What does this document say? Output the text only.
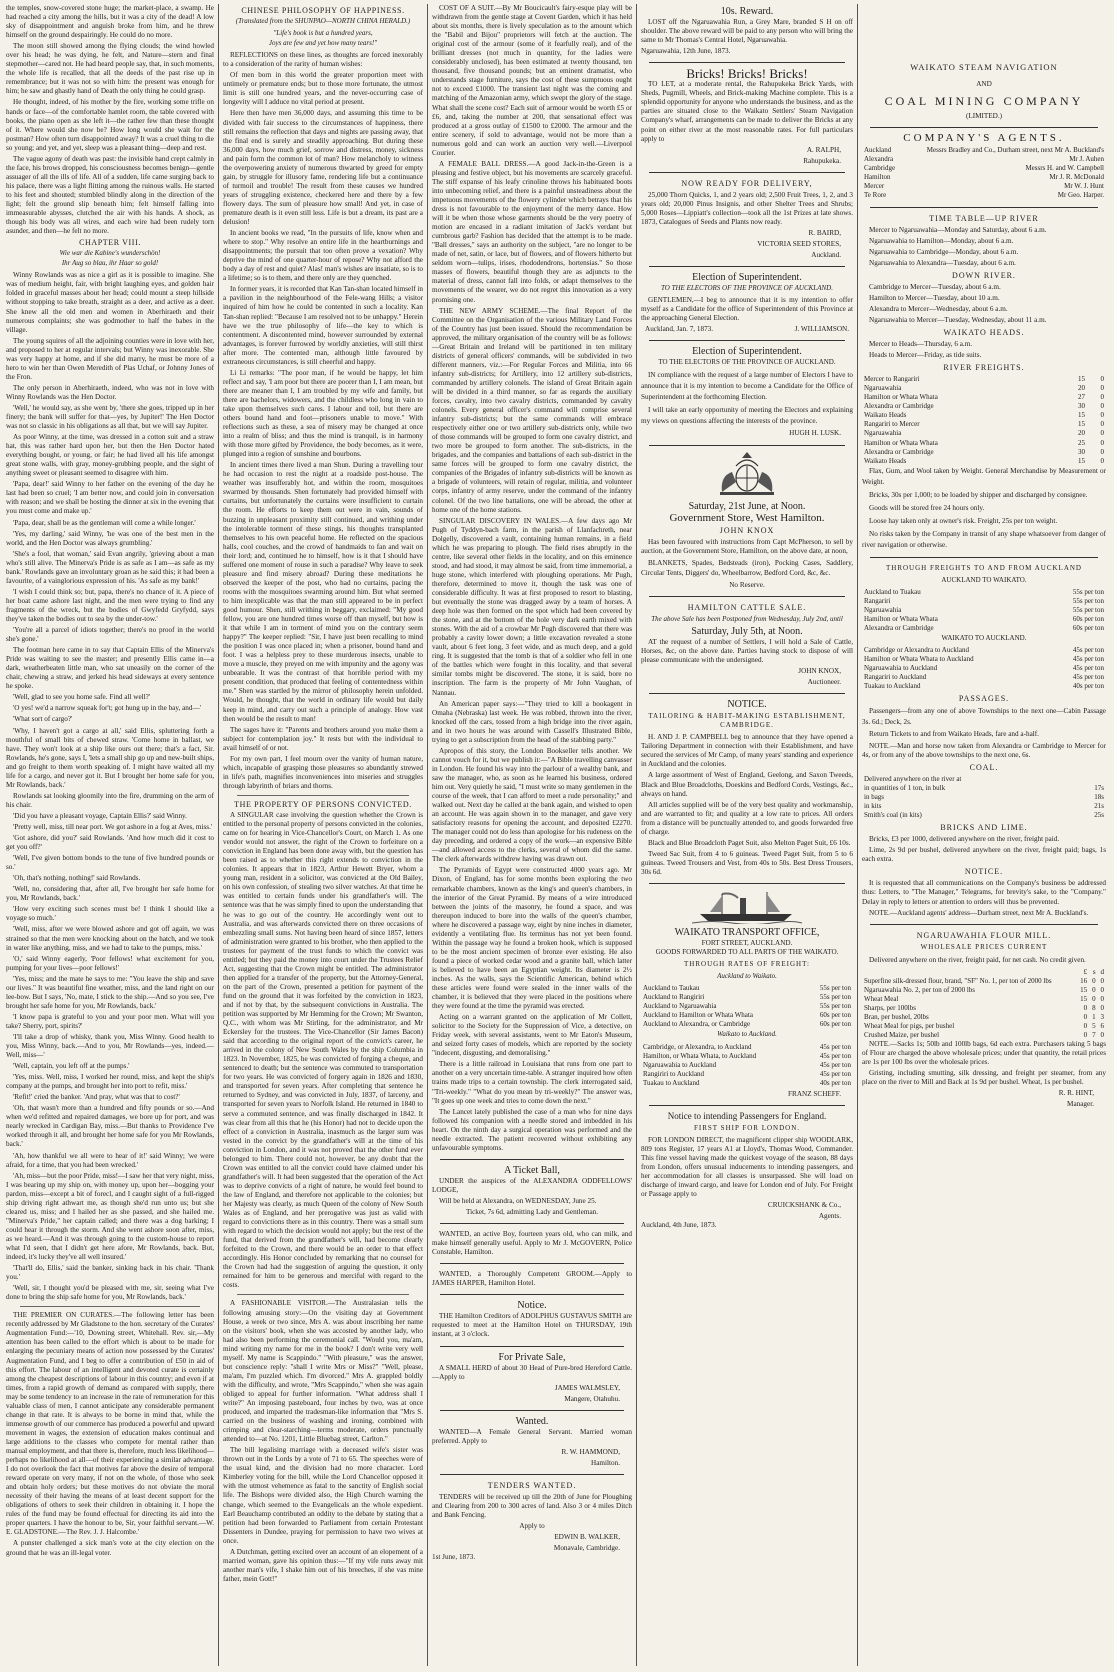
the temples, snow-covered stone huge; the market-place, a swamp. He had reached a city among the hills, but it was a city of the dead! A low sky of disappointment and anguish broke from him, and he threw himself on the ground despairingly. He could do no more.

The moon still showed among the flying clouds; the wind howled over his head; he was dying, he felt, and Nature—stern and final stepmother—cared not. He had heard people say, that, in such moments, the whole life is recalled, that all the deeds of the past rise up in remembrance; but it was not so with him: the present was enough for him; he saw and ghastly hand of Death the only thing he could grasp.

He thought, indeed, of his mother by the fire, working some trifle on hands or face—of the comfortable hamlet room, the table covered with books, the piano open as she left it—the rather few than these thought of it. Where would she now be? How long would she wait for the postman? How often turn disappointed away? It was a cruel thing to die so young; and yet, and yet, sleep was a pleasant thing—deep and rest.

The vague agony of death was past: the invisible hand crept calmly in the face, his brows dropped, his consciousness becomes benign—gentle assuager of all the ills of life. All of a sudden, life came surging back to his palace, there was a light flitting among the ruinous walls. He started to his feet and shouted; stumbled blindly along in the direction of the light; felt the ground slip beneath him; felt himself falling into immeasurable abysses, clutched the air with his hands. A shock, as though his body was all wires, and each wire had been rudely torn asunder, and then—he felt no more.

CHAPTER VIII.
Wie war die Kabine's wunderschön!
Ihr Aug so blau, ihr Haar so gold!

Winny Rowlands was as nice a girl as it is possible to imagine. She was of medium height, fair, with bright laughing eyes, and golden hair folded in graceful masses about her head; could mount a steep hillside without stopping to take breath, straight as a deer, and active as a deer. She knew all the old men and women in Aberhiraeth and their numerous complaints; she was godmother to half the babes in the village.

The young squires of all the adjoining counties were in love with her, and proposed to her at regular intervals; but Winny was inexorable. She was very happy at home, and if she did marry, he must be more of a hero to win her than Owen Meredith of Plas Uchaf, or Johnny Jones of the Fron.

The only person in Aberhiraeth, indeed, who was not in love with Winny Rowlands was the Hen Doctor.

'Well,' he would say, as she went by, 'there she goes, tripped up in her finery; the bank will suffer for that—yes, by Jupiter!' The Hen Doctor was not so classic in his obligations as all that, but we will say Jupiter.

As poor Winny, at the time, was dressed in a cotton suit and a straw hat, this was rather hard upon her, but then the Hen Doctor hated everything bought, or young, or fair; he had lived all his life amongst great stone walls, with gray, money-grubbing people, and the sight of anything sweet or pleasant seemed to disagree with him.

'Papa, dear!' said Winny to her father on the evening of the day he last had been so cruel; 'I am better now, and could join in conversation with reason; and we shall be hosting the dinner at six in the evening that you must come and make up.'

'Papa, dear, shall be as the gentleman will come a while longer.'

'Yes, my darling,' said Winny, 'he was one of the best men in the world, and the Hen Doctor was always grumbling.'

'She's a fool, that woman,' said Evan angrily, 'grieving about a man who's still alive. The Minerva's Pride is as safe as I am—as safe as my bank.' Rowlands gave an involuntary groan as he said this; it had been a favourite, of a vainglorious expression of his. 'As safe as my bank!'

'I wish I could think so; but, papa, there's no chance of it. A piece of her boat came ashore last night, and the men were trying to find any fragments of the wreck, but the bodies of Gwyfedd Gryfydd, says they've taken the bodies out to sea by the under-tow.'

'You're all a parcel of idiots together; there's no proof in the world she's gone.'

The footman here came in to say that Captain Ellis of the Minerva's Pride was waiting to see the master; and presently Ellis came in—a dark, weatherbeaten little man, who sat uneasily on the corner of the chair, chewing a straw, and jerked his head sideways at every sentence he spoke.

'Well, glad to see you home safe. Find all well?'

'O yes! we'd a narrow squeak for't; got hung up in the bay, and—'

'What sort of cargo?'

'Why, I haven't got a cargo at all,' said Ellis, spluttering forth a mouthful of small bits of chewed straw. 'Come home in ballast, we have. They won't look at a ship like ours out there; that's a fact, Sir. Rowlands, he's gone, says I, 'lets a small ship go up and new-built ships, and go freight to them worth speaking of. I might have waited all my life for a cargo, and never got it. But I brought her home safe for you, Mr Rowlands, back.'

Rowlands sat looking gloomily into the fire, drumming on the arm of his chair.

'Did you have a pleasant voyage, Captain Ellis?' said Winny.

'Pretty well, miss, till near port. We got ashore in a fog at Aves, miss.'

'Got ashore, did you?' said Rowlands. 'And how much did it cost to get you off?'

'Well, I've given bottom bonds to the tune of five hundred pounds or so.'

'Oh, that's nothing, nothing!' said Rowlands.

'Well, no, considering that, after all, I've brought her safe home for you, Mr Rowlands, back.'

'How very exciting such scenes must be! I think I should like a voyage so much.'

'Well, miss, after we were blowed ashore and got off again, we was strained so that the men were knocking about on the hatch, and we took in water like anything, miss, and we had to take to the pumps, miss.'

'O,' said Winny eagerly, 'Poor fellows! what excitement for you, pumping for your lives—poor fellows!'

'Yes, miss; and the mate he says to me: "You leave the ship and save our lives." It was beautiful fine weather, miss, and the land right on our lee-bow. But I says, 'No, mate, I stick to the ship.—And so you see, I've brought her safe home for you, Mr Rowlands, back.'

'I know papa is grateful to you and your poor men. What will you take? Sherry, port, spirits?'

'I'll take a drop of whisky, thank you, Miss Winny. Good health to you, Miss Winny, back.—And to you, Mr Rowlands—yes, indeed.—Well, miss—'

'Well, captain, you left off at the pumps.'

'Yes, miss. Well, miss, I worked her round, miss, and kept the ship's company at the pumps, and brought her into port to refit, miss.'

'Refit!' cried the banker. 'And pray, what was that to cost?'

'Oh, that wasn't more than a hundred and fifty pounds or so.—And when we'd refitted and repaired damages, we bore up for port, and was nearly wrecked in Cardigan Bay, miss.—But thanks to Providence I've worked through it all, and brought her home safe for you Mr Rowlands, back.'

'Ah, how thankful we all were to hear of it!' said Winny; 'we were afraid, for a time, that you had been wrecked.'

'Ah, miss—but the poor Pride, miss!—I saw her that very night, miss, I was bearing up my ship on, with money up, upon her—bogging your pardon, miss—except a bit of forecl, and I caught sight of a full-rigged ship driving right athwart me, as though she'd run unto us; but she cleared us, miss; and I hailed her as she passed, and she hailed me. "Minerva's Pride," her captain called; and there was a dog barking; I could hear it through the storm. And she went ashore soon after, miss, as we heard.—And it was through going to the custom-house to report what I'd seen, that I didn't get here afore, Mr Rowlands, back. But, indeed, it's lucky they've all well insured.'

'That'll do, Ellis,' said the banker, sinking back in his chair. 'Thank you.'

'Well, sir, I thought you'd be pleased with me, sir, seeing what I've done to bring the ship safe home for you, Mr Rowlands, back.'

THE PREMIER ON CURATES.—The following letter has been recently addressed by Mr Gladstone to the hon. secretary of the Curates' Augmentation Fund:—'10, Downing street, Whitehall. Rev. sir,—My attention has been called to the effort which is about to be made for enlarging the pecuniary means of action now possessed by the Curates' Augmentation Fund, and I beg to offer a contribution of £50 in aid of this effort. The labour of an intelligent and devoted curate is certainly among the cheapest descriptions of labour in this country; and even if at times, from a rapid growth of demand as compared with supply, there may be some tendency to an increase in the rate of remuneration for this valuable class of men, I cannot anticipate any considerable permanent change in that rate. It is always to be borne in mind that, while the immense growth of our commerce has produced a powerful and upward movement in wages, the extension of education makes continual and large additions to the classes who compete for mental rather than manual employment, and that there is, therefore, much less likelihood—perhaps no likelihood at all—of their experiencing a similar advantage. I do not overlook the fact that motives far above the desire of temporal reward operate on very many, if not on the whole, of those who seek and obtain holy orders; but these motives do not obviate the moral necessity of their having the means of at least decent support for the obligations of others to seek their children in obtaining it. I hope the rules of the fund may be found effectual for directing its aid into the proper quarters. I have the honour to be, Sir, your faithful servant.—W. E. GLADSTONE.—The Rev. J. J. Halcombe.'

A punster challenged a sick man's vote at the city election on the ground that he was an ill-legal voter.

CHINESE PHILOSOPHY OF HAPPINESS.
(Translated from the SHUNPAO—NORTH CHINA HERALD.)
"Life's book is but a hundred years,
Joys are few and yet how many tears!"

REFLECTIONS on these lines, as thoughts are forced inexorably to a consideration of the rarity of human wishes:

Of men born in this world the greater proportion meet with untimely or premature ends; but to those more fortunate, the utmost limit is still one hundred years, and the never-occurring case of longevity will I adduce no vital period at present.

Here then have men 36,000 days, and assuming this time to be divided with fair success to the circumstances of happiness, there still remains the reflection that days and nights are passing away, that the final end is surely and steadily approaching. But during these 36,000 days, how much grief, sorrow and distress, money, sickness and pain form the common lot of man? How melancholy to witness the overpowering anxiety of numerous thwarted by greed for empty gain, by struggle for illusory fame, rendering life but a continuance of turmoil and trouble! The result from these causes we hundred years of struggling existence, checkered here and there by a few flowery days. The sum of pleasure how small! And yet, in case of premature death is it even still less. Life is but a dream, its past are a delusion!

In ancient books we read, "In the pursuits of life, know when and where to stop." Why resolve an entire life in the heartburnings and disappointments; the pursuit that too often prove a vexation? Why deprive the mind of one quarter-hour of repose? Why not afford the body a day of rest and quiet? Alas! man's wishes are insatiate, so is to a lifetime; so is to them, and there only are they quenched.

In former years, it is recorded that Kan Tan-shan located himself in a pavilion in the neighbourhood of the Fele-wang Hills; a visitor inquired of him how he could be contented in such a locality. Kan Tan-shan replied: "Because I am resolved not to be unhappy." Herein have we the true philosophy of life—the key to which is contentment. A discontented mind, however surrounded by external advantages, is forever furrowed by worldly anxieties, will still thirst after more. The contented man, although little favoured by extraneous circumstances, is still cheerful and happy.

Li Li remarks: "The poor man, if he would be happy, let him reflect and say, 'I am poor but there are poorer than I, I am mean, but there are meaner than I, I am troubled by my wife and family, but there are bachelors, widowers, and the childless who long in vain to take upon themselves such cares. I labour and toil, but there are others bound hand and foot—prisoners unable to move." With reflections such as these, a sea of misery may be changed at once into a realm of bliss; and thus the mind is tranquil, is in harmony with those more gifted by Providence, the body becomes, as it were, plunged into a region of sunshine and bourbons.

In ancient times there lived a man Shun. During a travelling tour he had occasion to rest the night at a roadside post-house. The weather was insufferably hot, and within the room, mosquitoes swarmed by thousands. Shen fortunately had provided himself with curtains, but unfortunately the curtains were insufficient to curtain the room. He efforts to keep them out were in vain, sounds of buzzing in unpleasant proximity still continued, and writhing under the intolerable torment of these stings, his thoughts transplanted themselves to his own peaceful home. He reflected on the spacious halls, cool couches, and the crowd of handmaids to fan and wait on their lord; and, continued he to himself, how is it that I should have suffered one moment of rouse in such a paradise? Why leave to seek pleasure and find misery abroad? During these meditations he observed the keeper of the post, who had no curtains, pacing the rooms with the mosquitoes swarming around him. But what seemed to him inexplicable was that the man still appeared to be in perfect good humour. Shen, still writhing in beggary, exclaimed: "My good fellow, you are one hundred times worse off than myself, but how is it that while I am in torment of mind you on the contrary seem happy?" The keeper replied: "Sir, I have just been recalling to mind the position I was once placed in; when a prisoner, bound hand and foot. I was a helpless prey to these murderous insects, unable to move a muscle, they preyed on me with impunity and the agony was unbearable. It was the contrast of that horrible period with my present condition, that produced that feeling of contentedness within me." Shen was startled by the mirror of philosophy herein unfolded. Would, he thought, that the world in ordinary life would but daily keep in mind, and carry out such a principle of analogy. How vast then would be the result to man!

The sages have it: "Parents and brothers around you make them a subject for contemplation joy." It rests but with the individual to avail himself of or not.

For my own part, I feel mourn over the vanity of human nature, which, incapable of grasping those pleasures so abundantly strewed in life's path, magnifies inconveniences into miseries and struggles through labyrinth of briars and thorns.

THE PROPERTY OF PERSONS CONVICTED.

A SINGULAR case involving the question whether the Crown is entitled to the personal property of persons convicted in the colonies, came on for hearing in Vice-Chancellor's Court, on March 1. As one vendor would not answer, the right of the Crown to forfeiture on a conviction in England has been done away with, but the question has been raised as to whether this right extends to conviction in the colonies. It appears that in 1823, Arthur Hewett Bryer, whom a young man, resident in a solicitor, was convicted at the Old Bailey, on his own confession, of stealing two silver watches. At that time he was entitled to certain funds under his grandfather's will. The sentence was that he was simply fined to upon the understanding that he was to go out of the country. He accordingly went out to Australia, and was afterwards convicted there on three occasions of embezzling small sums. Not having been heard of since 1857, letters of administration were granted to his brother, who then applied to the trustees for payment of the trust funds to which the convict was entitled; but they paid the money into court under the Trustees Relief Act, suggesting that the Crown might be entitled. The administrator then applied for a transfer of the property, but the Attorney-General, on the part of the Crown, presented a petition for payment of the fund on the ground that it was forfeited by the conviction in 1823, and if not by that, by the subsequent convictions in Australia. The petition was supported by Mr Hemming for the Crown; Mr Swanton, Q.C., with whom was Mr Stirling, for the administrator, and Mr Eckersley for the trustees. The Vice-Chancellor (Sir James Bacon) said that according to the original report of the convict's career, he arrived in the colony of New South Wales by the ship Columbia in 1823. In November, 1825, he was convicted of forging a cheque, and sentenced to death; but the sentence was commuted to transportation for two years. He was convicted of forgery again in 1826 and 1830, and transported for seven years. After completing that sentence he returned to Sydney, and was convicted in July, 1837, of larceny, and transported for seven years to Norfolk Island. He returned in 1840 to serve a commuted sentence, and was finally discharged in 1842. It was clear from all this that he (his Honor) had not to decide upon the effect of a conviction in Australia, inasmuch as the larger sum was vested in the convict by the grandfather's will at the time of his conviction in London, and it was not proved that the other fund ever belonged to him. There could not, however, be any doubt that the Crown was entitled to all the convict could have claimed under his grandfather's will. It had been suggested that the operation of the Act was to deprive convicts of a right of nature, he would feel bound to the law of England, and therefore not applicable to the colonies; but her Majesty was clearly, as much Queen of the colony of New South Wales as of England, and her prerogative was just as valid with regard to convictions there as in this country. There was a small sum with regard to which the decision would not apply; but the rest of the fund, that derived from the grandfather's will, had become clearly forfeited to the Crown, and there would be an order to that effect accordingly. His Honor concluded by remarking that no counsel for the Crown had had the suggestion of arguing the question, it only remained for him to be generous and merciful with regard to the costs.

A FASHIONABLE VISITOR.—The Australasian tells the following amusing story:—On the visiting day at Government House, a week or two since, Mrs A. was about inscribing her name on the visitors' book, when she was accosted by another lady, who had also been performing the ceremonial call. "Would you, ma'am, mind writing my name for me in the book? I don't write very well myself. My name is Scappindo." "With pleasure," was the answer, but conscience reply: "shall I write Mrs or Miss?" "Well, please, ma'am, I'm puzzled which. I'm divorced." Mrs A. grappled boldly with the difficulty, and wrote, "Mrs Scappindo," when she was again obliged to appeal for further information. "What address shall I write?" An imposing pasteboard, four inches by two, was at once produced, and imparted the tradesman-like information that "Mrs S. carried on the business of washing and ironing, combined with crimping and clear-starching—terms moderate, orders punctually attended to—at No. 1201, Little Bluebag street, Carlton."

The bill legalising marriage with a deceased wife's sister was thrown out in the Lords by a vote of 71 to 65. The speeches were of the usual kind, and the division had no more character. Lord Kimberley voting for the bill, while the Lord Chancellor opposed it with the utmost vehemence as fatal to the sanctity of English social life. The Bishops were divided also, the High Church warning the change, which seemed to the Evangelicals an the whole expedient. Earl Beauchamp contributed an oddity to the debate by stating that a petition had been forwarded to Parliament from certain Protestant Dissenters in Dundee, praying for permission to have two wives at once.

A Dutchman, getting excited over an account of an elopement of a married woman, gave his opinion thus:—"If my vife runs away mit another man's vife, I shake him out of his breeches, if she vas mine father, mein Gott!"

COST OF A SUIT.—By Mr Boucicault's fairy-esque play will be withdrawn from the gentle stage at Covent Garden, which it has held about six months, there is lively speculation as to the amount which the "Babil and Bijou" proprietors will fetch at the auction. The original cost of the armour (some of it fearfully real), and of the brilliant dresses (not much in quantity, for the ladies were considerably unclosed), has been estimated at twenty thousand, ten thousand, five thousand pounds; but an eminent dramatist, who understands stage furniture, says the cost of these sumptuous ought not to exceed £1000. The transient last night was the coming and matching of the Amazonian army, which swept the glory of the stage. What shall the scene cost? Each suit of armour would be worth £5 or £6, and, taking the number at 200, that sensational effect was produced at a gross outlay of £1500 to £2000. The armour and the entire scenery, if sold to advantage, would not be more than a numerous gold and can work an auction very well.—Liverpool Courier.

A FEMALE BALL DRESS.—A good Jack-in-the-Green is a pleasing and festive object, but his movements are scarcely graceful. The stiff expanse of his leafy crinoline throws his habituated boots into unbecoming relief, and there is a painful unsteadiness about the impetuous movements of the flowery cylinder which betrays that his dress is not favourable to the enjoyment of the merry dance. How will it be when those whose garments should be the very poetry of motion are encased in a radiant imitation of Jack's verdant but cumbrous garb? Fashion has decided that the attempt is to be made. "Ball dresses," says an authority on the subject, "are no longer to be made of net, satin, or lace, but of flowers, and of flowers hitherto but seldom worn—tulips, irises, rhododendrons, hortensias." So those masses of flowers, beautiful though they are as adjuncts to the material of dress, cannot fall into folds, or adapt themselves to the movements of the wearer, we do not regret this innovation as a very promising one.

THE NEW ARMY SCHEME.—The final Report of the Committee on the Organisation of the various Military Land Forces of the Country has just been issued. Should the recommendation be approved, the military organisation of the country will be as follows:—Great Britain and Ireland will be partitioned in ten military districts of general officers' commands, will be subdivided in two different manners, viz.:—For Regular Forces and Militia, into 66 infantry sub-districts; for Artillery, into 12 artillery sub-districts, commanded by artillery colonels. The island of Great Britain again will be divided in a third manner, so far as regards the auxiliary forces, cavalry, into two cavalry districts, commanded by cavalry colonels. Every general officer's command will comprise several infantry sub-districts; but the same commands will embrace respectively either one or two artillery sub-districts only, while two of those commands will be grouped to form one cavalry district, and two more be grouped to form another. The sub-districts, in the brigades, and the companies and battalions of each sub-district in the same forces will be grouped to form one cavalry district, the companies of the Brigades of infantry sub-districts will be known as a brigade of volunteers, will retain of regular, militia, and volunteer corps, infantry of army reserve, under the command of the infantry colonel. Of the two line battalions, one will be abroad, the other at home one of the home stations.

SINGULAR DISCOVERY IN WALES.—A few days ago Mr Pugh of Tyddyn-bach farm, in the parish of Llanfachreth, near Dolgelly, discovered a vault, containing human remains, in a field which he was preparing to plough. The field rises abruptly in the centre, like several other fields in the locality, and on this eminence stood, and had stood, it may almost be said, from time immemorial, a huge stone, which interfered with ploughing operations. Mr Pugh, therefore, determined to move it, though the task was one of considerable difficulty. It was at first proposed to resort to blasting, but eventually the stone was dragged away by a team of horses. A deep hole was then formed on the spot which had been covered by the stone, and at the bottom of the hole very dark earth mixed with stones. With the aid of a crowbar Mr Pugh discovered that there was probably a cavity lower down; a little excavation revealed a stone vault, about 6 feet long, 3 feet wide, and as much deep, and a gold ring. It is suggested that the tomb is that of a soldier who fell in one of the battles which were fought in this locality, and that several similar tombs might be discovered. The stone, it is said, bore no inscription. The farm is the property of Mr John Vaughan, of Nannau.

An American paper says:—"They tried to kill a bookagent in Omaha (Nebraska) last week. He was robbed, thrown into the river, knocked off the cars, tossed from a high bridge into the river again, and in two hours he was around with Cassell's Illustrated Bible, trying to get a subscription from the head of the stabbing party."

Apropos of this story, the London Bookseller tells another. We cannot vouch for it, but we publish it:—"A Bible travelling canvasser in London. He found his way into the parlour of a wealthy bank, and saw the manager, who, as soon as he learned his business, ordered him out. Very quietly he said, "I must write so many gentlemen in the course of the week, that I can afford to meet a rude personality;" and walked out. Next day he called at the bank again, and wished to open an account. He was again shown in to the manager, and gave very satisfactory reasons for opening the account, and deposited £2270. The manager could not do less than apologise for his rudeness on the day preceding, and ordered a copy of the work—an expensive Bible—and allowed access to the clerks, several of whom did the same. The clerk afterwards withdrew having was drawn out.

The Pyramids of Egypt were constructed 4000 years ago. Mr Dixon, of England, has for some months been exploring the two remarkable chambers, known as the king's and queen's chambers, in the interior of the Great Pyramid. By means of a wire introduced between the joints of the masonry, he found a space, and was thereupon induced to bore into the walls of the queen's chamber, where he discovered a passage way, eight by nine inches in diameter, evidently a ventilating flue. Its terminus has not yet been found. Within the passage way he found a broken hook, which is supposed to be the most ancient specimen of bronze ever existing. He also found a piece of worked cedar wood and a granite ball, which latter is believed to have been an Egyptian weight. Its diameter is 2½ inches. As the walls, says the Scientific American, behind which these articles were found were sealed in the inner walls of the chamber, it is believed that they were placed in the positions where they were found at the time the pyramid was erected.

Acting on a warrant granted on the application of Mr Collett, solicitor to the Society for the Suppression of Vice, a detective, on Friday week, with several assistants, went to Mr Eaton's Museum, and seized forty cases of models, which are reported by the society "indecent, disgusting, and demoralising."

There is a little railroad in Louisiana that runs from one part to another on a very uncertain time-table. A stranger inquired how often trains made trips to a certain township. The clerk interrogated said, "Tri-weekly." "What do you mean by tri-weekly?" The answer was, "It goes up one week and tries to come down the next."

The Lancet lately published the case of a man who for nine days followed his companion with a needle stored and imbedded in his heart. On the ninth day a surgical operation was performed and the needle extracted. The patient recovered without exhibiting any unfavourable symptoms.

A Ticket Ball,

UNDER the auspices of the ALEXANDRA ODDFELLOWS' LODGE,

Will be held at Alexandra, on WEDNESDAY, June 25.

Ticket, 7s 6d, admitting Lady and Gentleman.

WANTED, an active Boy, fourteen years old, who can milk, and make himself generally useful. Apply to Mr J. McGOVERN, Police Constable, Hamilton.

WANTED, a Thoroughly Competent GROOM.—Apply to JAMES HARPER, Hamilton Hotel.

Notice.

THE Hamilton Creditors of ADOLPHUS GUSTAVUS SMITH are requested to meet at the Hamilton Hotel on THURSDAY, 19th instant, at 3 o'clock.

For Private Sale,

A SMALL HERD of about 30 Head of Pure-bred Hereford Cattle.—Apply to

JAMES WALMSLEY,
Mangere, Otahuhu.
Wanted.

WANTED—A Female General Servant. Married woman preferred. Apply to

R. W. HAMMOND,
Hamilton.
TENDERS WANTED.

TENDERS will be received up till the 20th of June for Ploughing and Clearing from 200 to 300 acres of land. Also 3 or 4 miles Ditch and Bank Fencing.

Apply to
EDWIN B. WALKER,
Monavale, Cambridge.
1st June, 1873.
10s. Reward.

LOST off the Ngaruawahia Run, a Grey Mare, branded S H on off shoulder. The above reward will be paid to any person who will bring the same to Mr Thomas's Central Hotel, Ngaruawahia.

Ngaruawahia, 12th June, 1873.
Bricks! Bricks! Bricks!

TO LET, at a moderate rental, the Rahupukeka Brick Yards, with Sheds, Pugmill, Wheels, and Brick-making Machine complete. This is a splendid opportunity for anyone who understands the business, and as the parties are situated close to the Waikato Settlers' Steam Navigation Company's wharf, arrangements can be made to deliver the Bricks at any point on either river at the most reasonable rates. For full particulars apply to

A. RALPH,
Rahupukeka.
NOW READY FOR DELIVERY,

25,000 Thorn Quicks, 1, and 2 years old; 2,500 Fruit Trees, 1, 2, and 3 years old; 20,000 Pinus Insignis, and other Shelter Trees and Shrubs; 5,000 Roses—Lippiatt's collection—took all the 1st Prizes at late shows. 1873, Catalogues of Seeds and Plants now ready.

R. BAIRD,
VICTORIA SEED STORES,
Auckland.
Election of Superintendent.
TO THE ELECTORS OF THE PROVINCE OF AUCKLAND.

GENTLEMEN,—I beg to announce that it is my intention to offer myself as a Candidate for the office of Superintendent of this Province at the approaching General Election.

Auckland, Jan. 7, 1873.	J. WILLIAMSON.
Election of Superintendent.
TO THE ELECTORS OF THE PROVINCE OF AUCKLAND.

IN compliance with the request of a large number of Electors I have to announce that it is my intention to become a Candidate for the Office of Superintendent at the forthcoming Election.

I will take an early opportunity of meeting the Electors and explaining my views on questions affecting the interests of the province.

HUGH H. LUSK.
Saturday, 21st June, at Noon.
Government Store, West Hamilton.
JOHN KNOX

Has been favoured with instructions from Capt McPherson, to sell by auction, at the Government Store, Hamilton, on the above date, at noon,

BLANKETS, Spades, Bedsteads (iron), Pocking Cases, Saddlery, Circular Tents, Diggers' do, Wheelbarrow, Bedford Cord, &c, &c.

No Reserve.
HAMILTON CATTLE SALE.
The above Sale has been Postponed from Wednesday, July 2nd, until
Saturday, July 5th, at Noon.

AT the request of a number of Settlers, I will hold a Sale of Cattle, Horses, &c, on the above date. Parties having stock to dispose of will please communicate with the undersigned.

JOHN KNOX,
Auctioneer.
NOTICE.
TAILORING & HABIT-MAKING ESTABLISHMENT, CAMBRIDGE.

H. AND J. P. CAMPBELL beg to announce that they have opened a Tailoring Department in connection with their Establishment, and have secured the services of Mr Camp, of many years' standing and experience in Auckland and the colonies.

A large assortment of West of England, Geelong, and Saxon Tweeds, Black and Blue Broadcloths, Doeskins and Bedford Cords, Vestings, &c., always on hand.

All articles supplied will be of the very best quality and workmanship, and are warranted to fit; and quality at a low rate to prices. All orders from a distance will be punctually attended to, and goods forwarded free of charge.

Black and Blue Broadcloth Paget Suit, also Melton Paget Suit, £6 10s.

Tweed Sac Suit, from 4 to 6 guineas. Tweed Paget Suit, from 5 to 6 guineas. Tweed Trousers and Vest, from 40s to 50s. Best Dress Trousers, 30s 6d.

WAIKATO TRANSPORT OFFICE,
FORT STREET, AUCKLAND.

GOODS FORWARDED TO ALL PARTS OF THE WAIKATO.

THROUGH RATES OF FREIGHT:
Auckland to Waikato.
Auckland to Taukau	55s per ton
Auckland to Rangiriri	55s per ton
Auckland to Ngaruawahia	55s per ton
Auckland to Hamilton or Whata Whata	60s per ton
Auckland to Alexandra, or Cambridge	60s per ton
Waikato to Auckland.
Cambridge, or Alexandra, to Auckland	45s per ton
Hamilton, or Whata Whata, to Auckland	45s per ton
Ngaruawahia to Auckland	45s per ton
Rangiriri to Auckland	45s per ton
Tuakau to Auckland	40s per ton
FRANZ SCHEFF.
Notice to intending Passengers for England.
FIRST SHIP FOR LONDON.

FOR LONDON DIRECT, the magnificent clipper ship WOODLARK, 809 tons Register, 17 years A1 at Lloyd's, Thomas Wood, Commander. This fine vessel having made the quickest voyage of the season, 88 days from London, offers unusual inducements to intending passengers, and her accommodation for all classes is unsurpassed. She will load on discharge of inward cargo, and leave for London end of July. For Freight or Passage apply to

CRUICKSHANK & Co.,
Agents.
Auckland, 4th June, 1873.
WAIKATO STEAM NAVIGATION
AND
COAL MINING COMPANY
(LIMITED.)
COMPANY'S AGENTS.
Auckland	Messrs Bradley and Co., Durham street, next Mr A. Buckland's
Alexandra	Mr J. Auhen
Cambridge	Messrs H. and W. Campbell
Hamilton	Mr J. R. McDonald
Mercer	Mr W. J. Hunt
Te Rore	Mr Geo. Harper.
TIME TABLE—UP RIVER

Mercer to Ngaruawahia—Monday and Saturday, about 6 a.m.

Ngaruawahia to Hamilton—Monday, about 6 a.m.

Ngaruawahia to Cambridge—Monday, about 6 a.m.

Ngaruawahia to Alexandra—Tuesday, about 6 a.m.

DOWN RIVER.

Cambridge to Mercer—Tuesday, about 6 a.m.

Hamilton to Mercer—Tuesday, about 10 a.m.

Alexandra to Mercer—Wednesday, about 6 a.m.

Ngaruawahia to Mercer—Tuesday, Wednesday, about 11 a.m.

WAIKATO HEADS.

Mercer to Heads—Thursday, 6 a.m.

Heads to Mercer—Friday, as tide suits.

RIVER FREIGHTS.
Mercer to Rangariri	15	0
Ngaruawahia	20	0
Hamilton or Whata Whata	27	0
Alexandra or Cambridge	30	0
Waikato Heads	15	0
Rangariri to Mercer	15	0
Ngaruawahia	20	0
Hamilton or Whata Whata	25	0
Alexandra or Cambridge	30	0
Waikato Heads	15	0

Flax, Gum, and Wool taken by Weight. General Merchandise by Measurement or Weight.

Bricks, 30s per 1,000; to be loaded by shipper and discharged by consignee.

Goods will be stored free 24 hours only.

Loose hay taken only at owner's risk. Freight, 25s per ton weight.

No risks taken by the Company in transit of any shape whatsoever from danger of river navigation or otherwise.

THROUGH FREIGHTS TO AND FROM AUCKLAND
AUCKLAND TO WAIKATO.
Auckland to Tuakau	55s per ton
Rangariri	55s per ton
Ngaruawahia	55s per ton
Hamilton or Whata Whata	60s per ton
Alexandra or Cambridge	60s per ton
WAIKATO TO AUCKLAND.
Cambridge or Alexandra to Auckland	45s per ton
Hamilton or Whata Whata to Auckland	45s per ton
Ngaruawahia to Auckland	45s per ton
Rangariri to Auckland	45s per ton
Tuakau to Auckland	40s per ton
PASSAGES.

Passengers—from any one of above Townships to the next one—Cabin Passage 3s. 6d.; Deck, 2s.

Return Tickets to and from Waikato Heads, fare and a-half.

NOTE.—Man and horse now taken from Alexandra or Cambridge to Mercer for 4s, or from any of the above townships to the next one, 6s.

COAL.
Delivered anywhere on the river at	
in quantities of 1 ton, in bulk	17s
in bags	18s
in kits	21s
Smith's coal (in kits)	25s
BRICKS AND LIME.

Bricks, £3 per 1000, delivered anywhere on the river, freight paid.

Lime, 2s 9d per bushel, delivered anywhere on the river, freight paid; bags, 1s each extra.

NOTICE.

It is requested that all communications on the Company's business be addressed thus: Letters, to "The Manager," Telegrams, for brevity's sake, to the "Company." Delay in reply to letters or attention to orders will thus be prevented.

NOTE.—Auckland agents' address—Durham street, next Mr A. Buckland's.

NGARUAWAHIA FLOUR MILL.
WHOLESALE PRICES CURRENT

Delivered anywhere on the river, freight paid, for net cash. No credit given.

	£	s	d
Superfine silk-dressed flour, brand, "SF" No. 1, per ton of 2000 lbs	16	0	0
Ngaruawahia No. 2, per ton of 2000 lbs	15	0	0
Wheat Meal	15	0	0
Sharps, per 100lbs	0	8	0
Bran, per bushel, 20lbs	0	1	3
Wheat Meal for pigs, per bushel	0	5	6
Crushed Maize, per bushel	0	7	0

NOTE.—Sacks 1s; 50lb and 100lb bags, 6d each extra. Purchasers taking 5 bags of Flour are charged the above wholesale prices; under that quantity, the retail prices are 1s per 100 lbs over the wholesale prices.

Gristing, including smutting, silk dressing, and freight per steamer, from any place on the river to Mill and Back at 1s 9d per bushel. Wheat, 1s per bushel.

R. R. HINT,
Manager.
